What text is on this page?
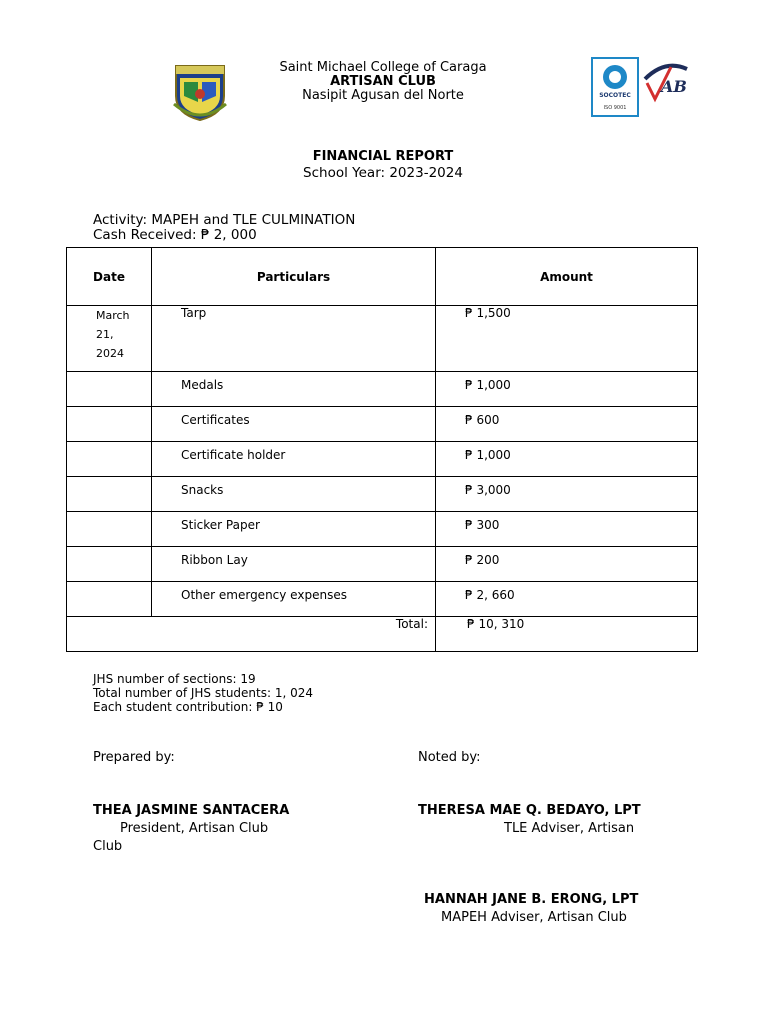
Saint Michael College of Caraga
ARTISAN CLUB
Nasipit Agusan del Norte	SOCOTEC
ISO 9001
AB
FINANCIAL REPORT
School Year: 2023-2024
Activity: MAPEH and TLE CULMINATION
Cash Received: ₱ 2, 000
Date	Particulars	Amount

March
21,
2024	Tarp	₱ 1,500
	Medals	₱ 1,000
	Certificates	₱ 600
	Certificate holder	₱ 1,000
	Snacks	₱ 3,000
	Sticker Paper	₱ 300
	Ribbon Lay	₱ 200
	Other emergency expenses	₱ 2, 660
Total:		₱ 10, 310
JHS number of sections: 19
Total number of JHS students: 1, 024
Each student contribution: ₱ 10
Prepared by:	Noted by:
THEA JASMINE SANTACERA
President, Artisan Club
Club
THERESA MAE Q. BEDAYO, LPT
TLE Adviser, Artisan
HANNAH JANE B. ERONG, LPT
MAPEH Adviser, Artisan Club
